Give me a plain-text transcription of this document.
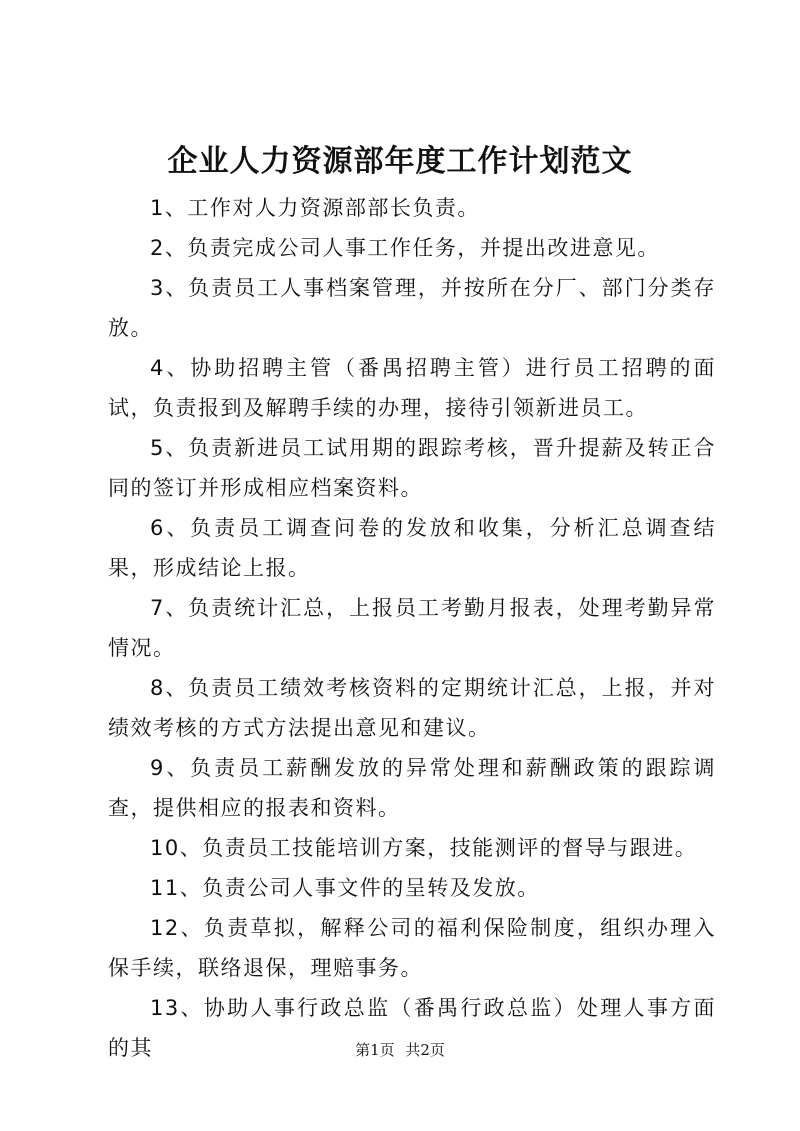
企业人力资源部年度工作计划范文

1、工作对人力资源部部长负责。

2、负责完成公司人事工作任务，并提出改进意见。

3、负责员工人事档案管理，并按所在分厂、部门分类存放。

4、协助招聘主管（番禺招聘主管）进行员工招聘的面试，负责报到及解聘手续的办理，接待引领新进员工。

5、负责新进员工试用期的跟踪考核，晋升提薪及转正合同的签订并形成相应档案资料。

6、负责员工调查问卷的发放和收集，分析汇总调查结果，形成结论上报。

7、负责统计汇总，上报员工考勤月报表，处理考勤异常情况。

8、负责员工绩效考核资料的定期统计汇总，上报，并对绩效考核的方式方法提出意见和建议。

9、负责员工薪酬发放的异常处理和薪酬政策的跟踪调查，提供相应的报表和资料。

10、负责员工技能培训方案，技能测评的督导与跟进。

11、负责公司人事文件的呈转及发放。

12、负责草拟，解释公司的福利保险制度，组织办理入保手续，联络退保，理赔事务。

13、协助人事行政总监（番禺行政总监）处理人事方面的其	第1页 共2页
